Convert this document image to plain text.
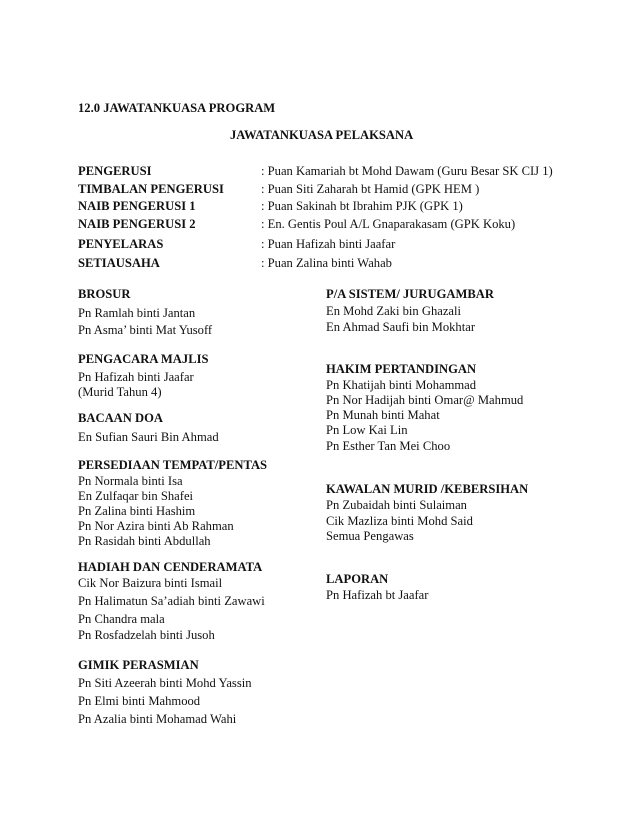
12.0 JAWATANKUASA PROGRAM
JAWATANKUASA PELAKSANA
PENGERUSI	: Puan Kamariah bt Mohd Dawam (Guru Besar SK CIJ 1)
TIMBALAN PENGERUSI	: Puan Siti Zaharah bt Hamid (GPK HEM )
NAIB PENGERUSI 1	: Puan Sakinah bt Ibrahim PJK (GPK 1)
NAIB PENGERUSI 2	: En. Gentis Poul A/L Gnaparakasam (GPK Koku)
PENYELARAS	: Puan Hafizah binti Jaafar
SETIAUSAHA	: Puan Zalina binti Wahab
BROSUR
Pn Ramlah binti Jantan
Pn Asma’ binti Mat Yusoff
PENGACARA MAJLIS
Pn Hafizah binti Jaafar
(Murid Tahun 4)
BACAAN DOA
En Sufian Sauri Bin Ahmad
PERSEDIAAN TEMPAT/PENTAS
Pn Normala binti Isa
En Zulfaqar bin Shafei
Pn Zalina binti Hashim
Pn Nor Azira binti Ab Rahman
Pn Rasidah binti Abdullah
HADIAH DAN CENDERAMATA
Cik Nor Baizura binti Ismail
Pn Halimatun Sa’adiah binti Zawawi
Pn Chandra mala
Pn Rosfadzelah binti Jusoh
GIMIK PERASMIAN
Pn Siti Azeerah binti Mohd Yassin
Pn Elmi binti Mahmood
Pn Azalia binti Mohamad Wahi
P/A SISTEM/ JURUGAMBAR
En Mohd Zaki bin Ghazali
En Ahmad Saufi bin Mokhtar
HAKIM PERTANDINGAN
Pn Khatijah binti Mohammad
Pn Nor Hadijah binti Omar@ Mahmud
Pn Munah binti Mahat
Pn Low Kai Lin
Pn Esther Tan Mei Choo
KAWALAN MURID /KEBERSIHAN
Pn Zubaidah binti Sulaiman
Cik Mazliza binti Mohd Said
Semua Pengawas
LAPORAN
Pn Hafizah bt Jaafar
